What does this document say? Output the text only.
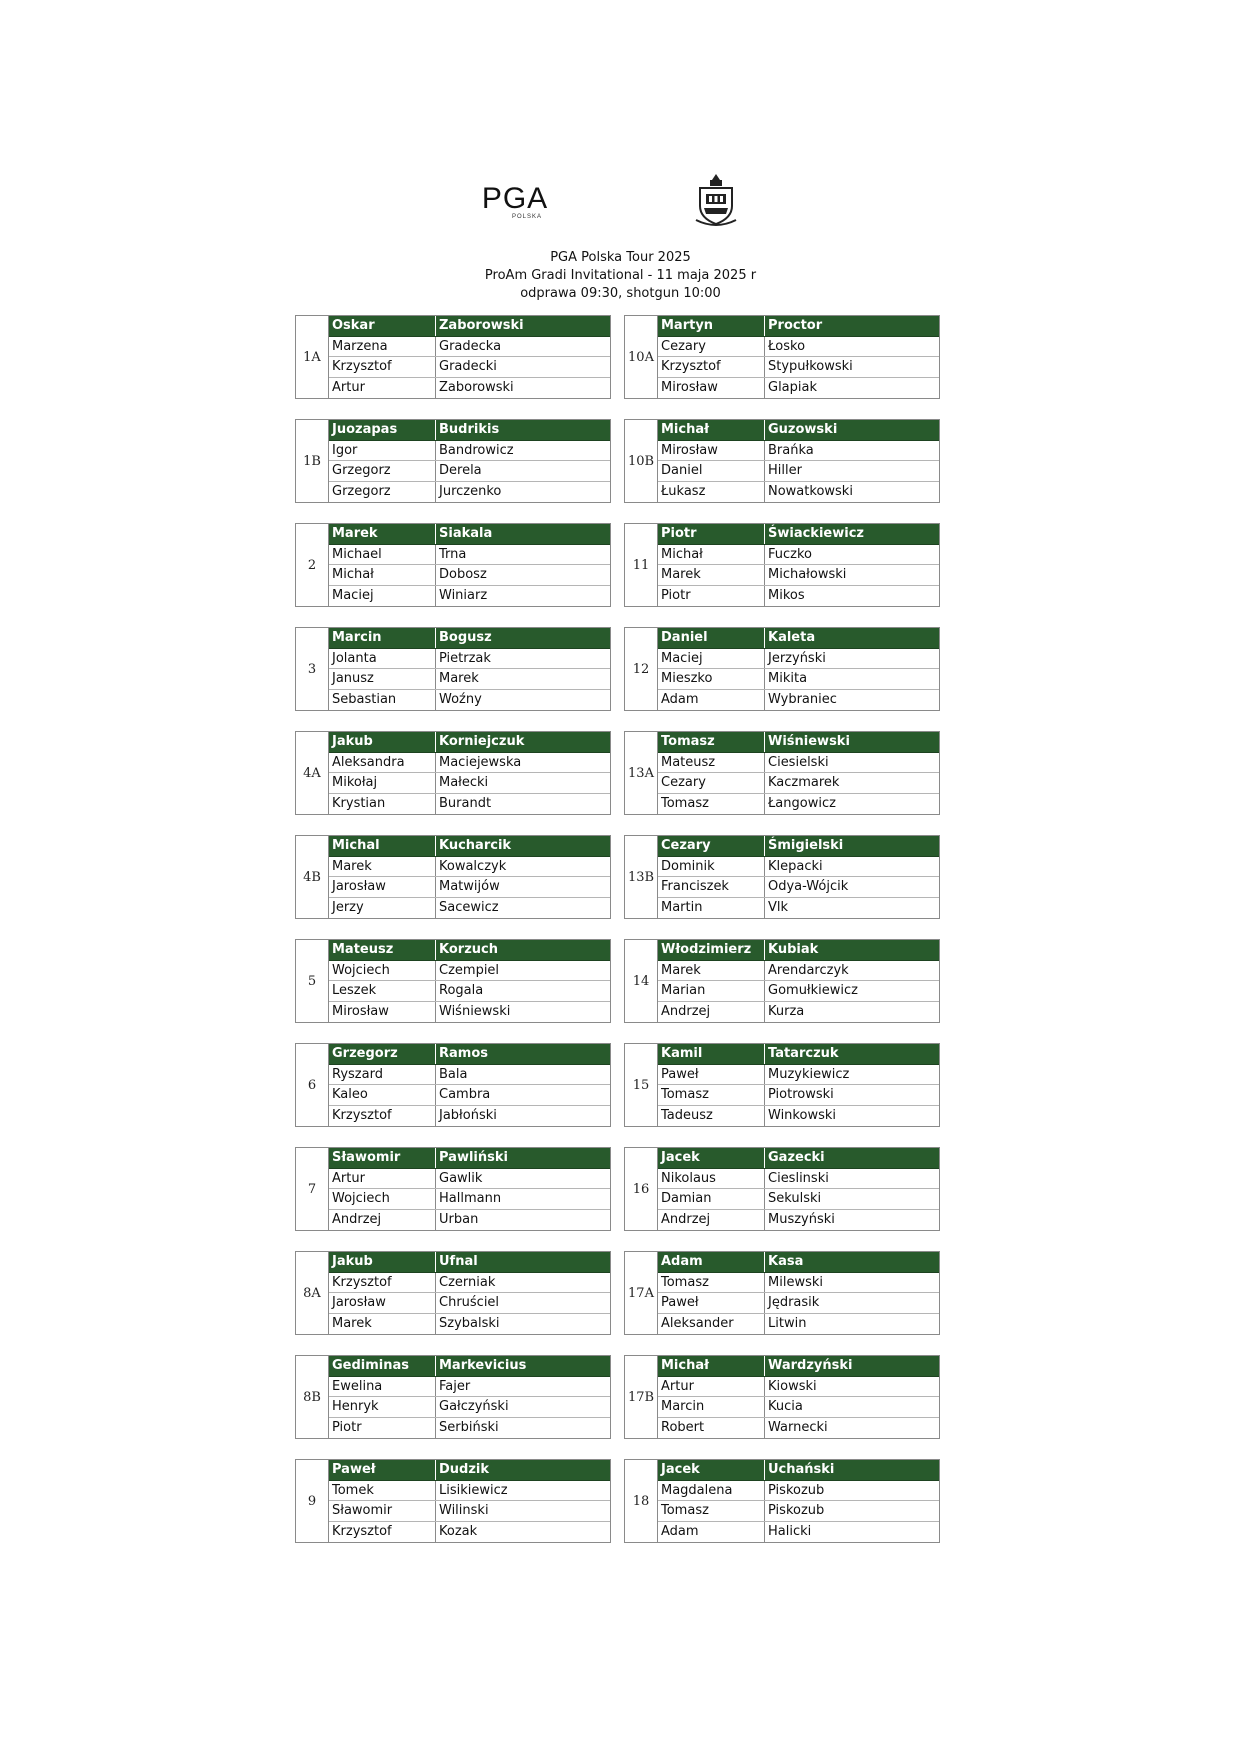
PGA
POLSKA
PGA Polska Tour 2025
ProAm Gradi Invitational - 11 maja 2025 r
odprawa 09:30, shotgun 10:00
1A
Oskar	Zaborowski
Marzena	Gradecka
Krzysztof	Gradecki
Artur	Zaborowski
1B
Juozapas	Budrikis
Igor	Bandrowicz
Grzegorz	Derela
Grzegorz	Jurczenko
2
Marek	Siakala
Michael	Trna
Michał	Dobosz
Maciej	Winiarz
3
Marcin	Bogusz
Jolanta	Pietrzak
Janusz	Marek
Sebastian	Woźny
4A
Jakub	Korniejczuk
Aleksandra	Maciejewska
Mikołaj	Małecki
Krystian	Burandt
4B
Michal	Kucharcik
Marek	Kowalczyk
Jarosław	Matwijów
Jerzy	Sacewicz
5
Mateusz	Korzuch
Wojciech	Czempiel
Leszek	Rogala
Mirosław	Wiśniewski
6
Grzegorz	Ramos
Ryszard	Bala
Kaleo	Cambra
Krzysztof	Jabłoński
7
Sławomir	Pawliński
Artur	Gawlik
Wojciech	Hallmann
Andrzej	Urban
8A
Jakub	Ufnal
Krzysztof	Czerniak
Jarosław	Chruściel
Marek	Szybalski
8B
Gediminas	Markevicius
Ewelina	Fajer
Henryk	Gałczyński
Piotr	Serbiński
9
Paweł	Dudzik
Tomek	Lisikiewicz
Sławomir	Wilinski
Krzysztof	Kozak
10A
Martyn	Proctor
Cezary	Łosko
Krzysztof	Stypułkowski
Mirosław	Glapiak
10B
Michał	Guzowski
Mirosław	Brańka
Daniel	Hiller
Łukasz	Nowatkowski
11
Piotr	Świackiewicz
Michał	Fuczko
Marek	Michałowski
Piotr	Mikos
12
Daniel	Kaleta
Maciej	Jerzyński
Mieszko	Mikita
Adam	Wybraniec
13A
Tomasz	Wiśniewski
Mateusz	Ciesielski
Cezary	Kaczmarek
Tomasz	Łangowicz
13B
Cezary	Śmigielski
Dominik	Klepacki
Franciszek	Odya-Wójcik
Martin	Vlk
14
Włodzimierz	Kubiak
Marek	Arendarczyk
Marian	Gomułkiewicz
Andrzej	Kurza
15
Kamil	Tatarczuk
Paweł	Muzykiewicz
Tomasz	Piotrowski
Tadeusz	Winkowski
16
Jacek	Gazecki
Nikolaus	Cieslinski
Damian	Sekulski
Andrzej	Muszyński
17A
Adam	Kasa
Tomasz	Milewski
Paweł	Jędrasik
Aleksander	Litwin
17B
Michał	Wardzyński
Artur	Kiowski
Marcin	Kucia
Robert	Warnecki
18
Jacek	Uchański
Magdalena	Piskozub
Tomasz	Piskozub
Adam	Halicki
